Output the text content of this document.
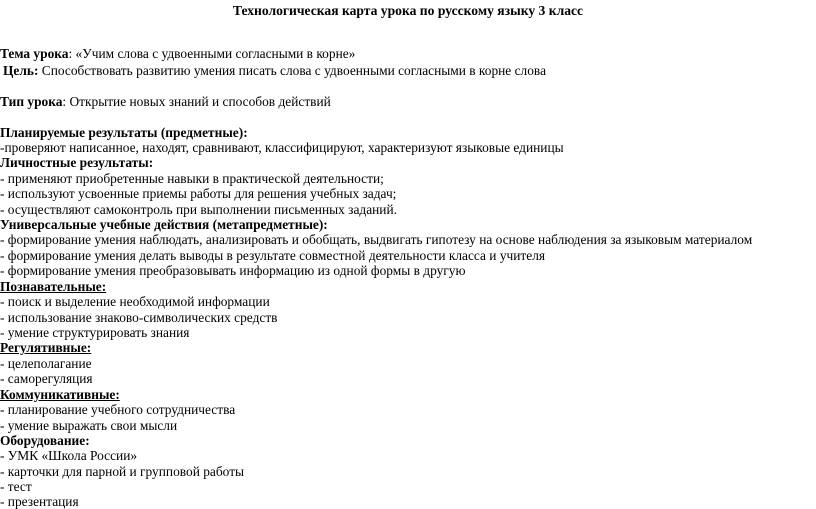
Технологическая карта урока по русскому языку 3 класс
Тема урока: «Учим слова с удвоенными согласными в корне»
Цель: Способствовать развитию умения писать слова с удвоенными согласными в корне слова
Тип урока: Открытие новых знаний и способов действий
Планируемые результаты (предметные):
-проверяют написанное, находят, сравнивают, классифицируют, характеризуют языковые единицы
Личностные результаты:
- применяют приобретенные навыки в практической деятельности;
- используют усвоенные приемы работы для решения учебных задач;
- осуществляют самоконтроль при выполнении письменных заданий.
Универсальные учебные действия (метапредметные):
- формирование умения наблюдать, анализировать и обобщать, выдвигать гипотезу на основе наблюдения за языковым материалом
- формирование умения делать выводы в результате совместной деятельности класса и учителя
- формирование умения преобразовывать информацию из одной формы в другую
Познавательные:
- поиск и выделение необходимой информации
- использование знаково-символических средств
- умение структурировать знания
Регулятивные:
- целеполагание
- саморегуляция
Коммуникативные:
- планирование учебного сотрудничества
- умение выражать свои мысли
Оборудование:
- УМК «Школа России»
- карточки для парной и групповой работы
- тест
- презентация
